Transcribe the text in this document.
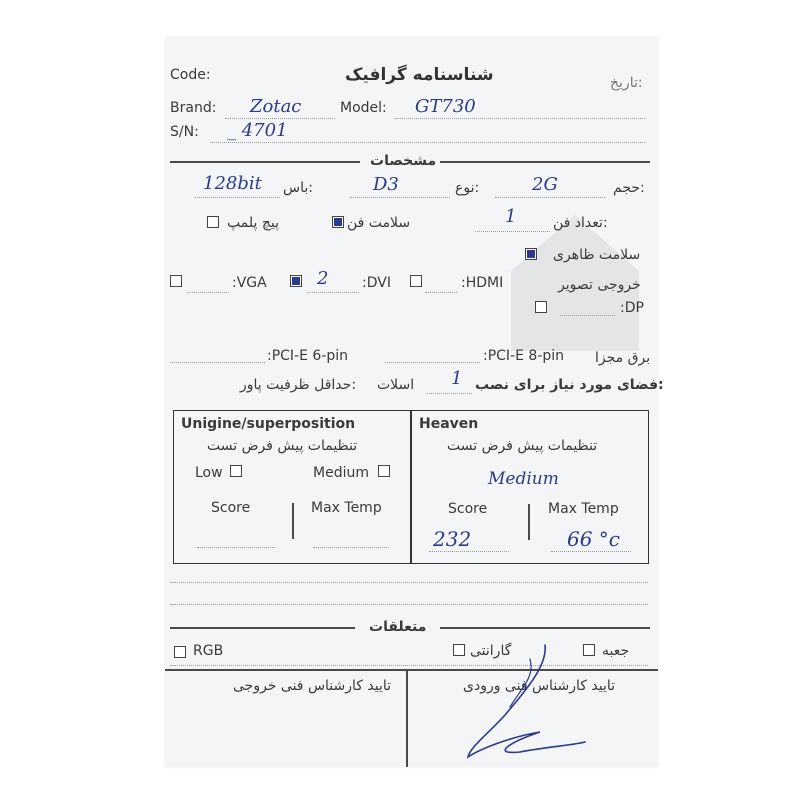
Code:	شناسنامه گرافیک	تاریخ:
Brand: Zotac	Model: GT730
S/N: _ 4701
مشخصات
حجم:
2G
نوع:
D3
باس:
128bit
تعداد فن:
1
سلامت فن
پیچ پلمپ
سلامت ظاهری
خروجی تصویر
:HDMI
:DVI
2
:VGA
:DP
برق مجزا
:PCI-E 8-pin
:PCI-E 6-pin
فضای مورد نیاز برای نصب:
1
اسلات
حداقل ظرفیت پاور:
Unigine/superposition
تنظیمات پیش فرض تست
Low	Medium
Score	Max Temp
Heaven
تنظیمات پیش فرض تست
Medium
Score	Max Temp
232	66 °c
متعلقات
جعبه
گارانتی
RGB
تایید کارشناس فنی ورودی
تایید کارشناس فنی خروجی
